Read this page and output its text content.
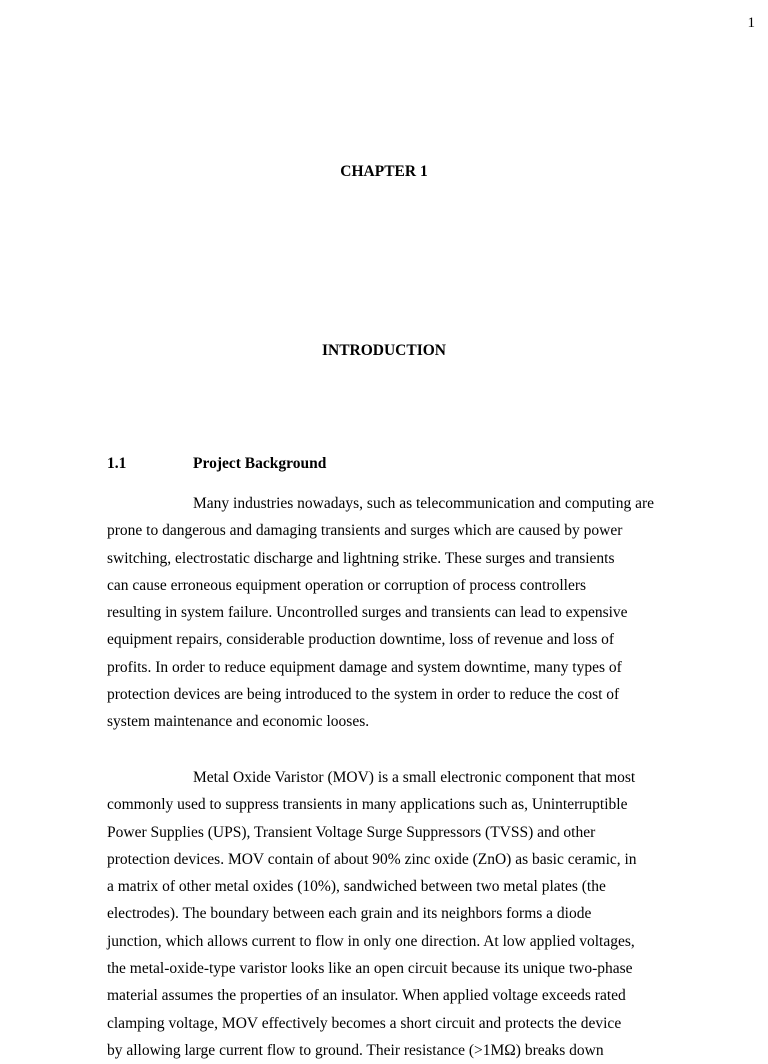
1
CHAPTER 1
INTRODUCTION
1.1	Project Background
Many industries nowadays, such as telecommunication and computing are
prone to dangerous and damaging transients and surges which are caused by power
switching, electrostatic discharge and lightning strike. These surges and transients
can cause erroneous equipment operation or corruption of process controllers
resulting in system failure. Uncontrolled surges and transients can lead to expensive
equipment repairs, considerable production downtime, loss of revenue and loss of
profits. In order to reduce equipment damage and system downtime, many types of
protection devices are being introduced to the system in order to reduce the cost of
system maintenance and economic looses.
Metal Oxide Varistor (MOV) is a small electronic component that most
commonly used to suppress transients in many applications such as, Uninterruptible
Power Supplies (UPS), Transient Voltage Surge Suppressors (TVSS) and other
protection devices. MOV contain of about 90% zinc oxide (ZnO) as basic ceramic, in
a matrix of other metal oxides (10%), sandwiched between two metal plates (the
electrodes). The boundary between each grain and its neighbors forms a diode
junction, which allows current to flow in only one direction. At low applied voltages,
the metal-oxide-type varistor looks like an open circuit because its unique two-phase
material assumes the properties of an insulator. When applied voltage exceeds rated
clamping voltage, MOV effectively becomes a short circuit and protects the device
by allowing large current flow to ground. Their resistance (>1MΩ) breaks down
